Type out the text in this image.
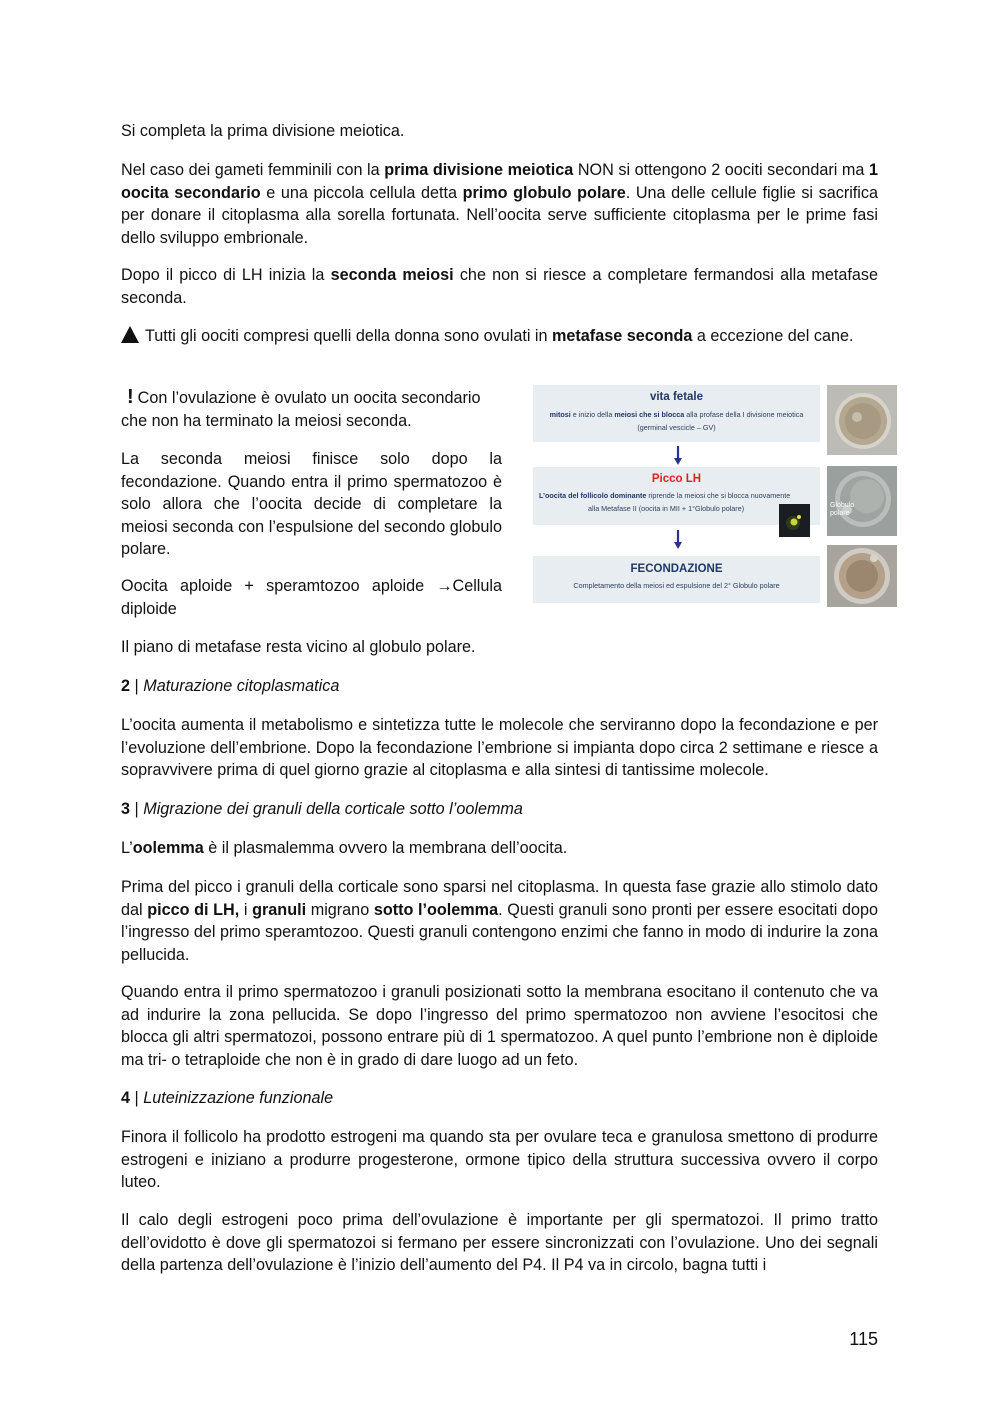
Si completa la prima divisione meiotica.

Nel caso dei gameti femminili con la prima divisione meiotica NON si ottengono 2 oociti secondari ma 1 oocita secondario e una piccola cellula detta primo globulo polare. Una delle cellule figlie si sacrifica per donare il citoplasma alla sorella fortunata. Nell’oocita serve sufficiente citoplasma per le prime fasi dello sviluppo embrionale.

Dopo il picco di LH inizia la seconda meiosi che non si riesce a completare fermandosi alla metafase seconda.

Tutti gli oociti compresi quelli della donna sono ovulati in metafase seconda a eccezione del cane.

! Con l’ovulazione è ovulato un oocita secondario che non ha terminato la meiosi seconda.

La seconda meiosi finisce solo dopo la fecondazione. Quando entra il primo spermatozoo è solo allora che l’oocita decide di completare la meiosi seconda con l’espulsione del secondo globulo polare.

Oocita aploide + speramtozoo aploide →Cellula diploide

Il piano di metafase resta vicino al globulo polare.

vita fetale
mitosi e inizio della meiosi che si blocca alla profase della I divisione meiotica
(germinal vescicle – GV)
Picco LH
L’oocita del follicolo dominante riprende la meiosi che si blocca nuovamente
alla Metafase II (oocita in MII + 1°Globulo polare)
FECONDAZIONE
Completamento della meiosi ed espulsione del 2° Globulo polare
Globulo
polare

2 | Maturazione citoplasmatica

L’oocita aumenta il metabolismo e sintetizza tutte le molecole che serviranno dopo la fecondazione e per l’evoluzione dell’embrione. Dopo la fecondazione l’embrione si impianta dopo circa 2 settimane e riesce a sopravvivere prima di quel giorno grazie al citoplasma e alla sintesi di tantissime molecole.

3 | Migrazione dei granuli della corticale sotto l’oolemma

L’oolemma è il plasmalemma ovvero la membrana dell’oocita.

Prima del picco i granuli della corticale sono sparsi nel citoplasma. In questa fase grazie allo stimolo dato dal picco di LH, i granuli migrano sotto l’oolemma. Questi granuli sono pronti per essere esocitati dopo l’ingresso del primo speramtozoo. Questi granuli contengono enzimi che fanno in modo di indurire la zona pellucida.

Quando entra il primo spermatozoo i granuli posizionati sotto la membrana esocitano il contenuto che va ad indurire la zona pellucida. Se dopo l’ingresso del primo spermatozoo non avviene l’esocitosi che blocca gli altri spermatozoi, possono entrare più di 1 spermatozoo. A quel punto l’embrione non è diploide ma tri- o tetraploide che non è in grado di dare luogo ad un feto.

4 | Luteinizzazione funzionale

Finora il follicolo ha prodotto estrogeni ma quando sta per ovulare teca e granulosa smettono di produrre estrogeni e iniziano a produrre progesterone, ormone tipico della struttura successiva ovvero il corpo luteo.

Il calo degli estrogeni poco prima dell’ovulazione è importante per gli spermatozoi. Il primo tratto dell’ovidotto è dove gli spermatozoi si fermano per essere sincronizzati con l’ovulazione. Uno dei segnali della partenza dell’ovulazione è l’inizio dell’aumento del P4. Il P4 va in circolo, bagna tutti i

115
